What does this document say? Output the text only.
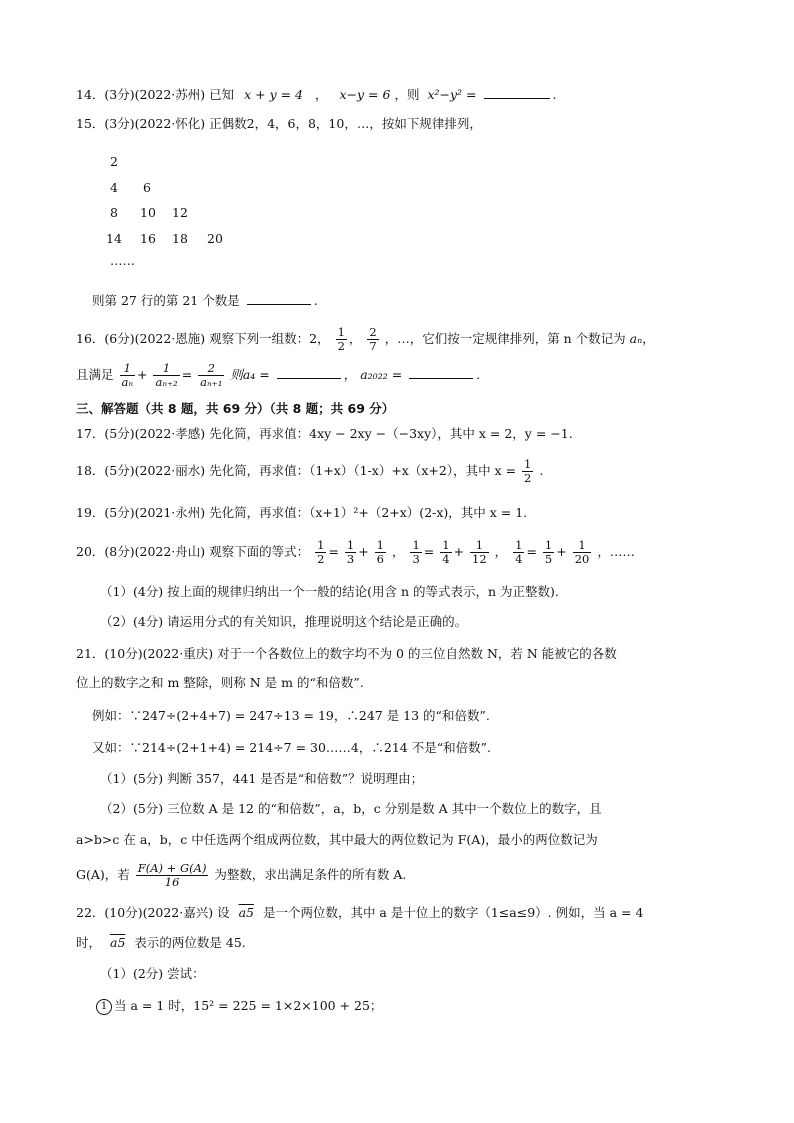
14．(3分)(2022·苏州) 已知 x + y = 4 ， x−y = 6 ，则 x²−y² =	.
15．(3分)(2022·怀化) 正偶数2，4，6，8，10，…，按如下规律排列，
2
4 6
8 10 12
14 16 18 20
……
则第 27 行的第 21 个数是	.
16．(6分)(2022·恩施) 观察下列一组数：2， $\frac{1}{2}$ ， $\frac{2}{7}$ ，…，它们按一定规律排列，第 n 个数记为 aₙ，
且满足 $\frac{1}{\text{aₙ}} + \frac{1}{\text{aₙ₊₂}} = \frac{2}{\text{aₙ₊₁}}$ 则a₄ =	， a₂₀₂₂ =	.
三、解答题（共 8 题，共 69 分）（共 8 题；共 69 分）
17．(5分)(2022·孝感) 先化简，再求值：4xy − 2xy −（−3xy），其中 x = 2，y = −1.
18．(5分)(2022·丽水) 先化简，再求值：（1+x）（1-x）+x（x+2），其中 $x = \frac{1}{2}$ .
19．(5分)(2021·永州) 先化简，再求值：（x+1）²+（2+x）(2-x)，其中 x = 1.
20．(8分)(2022·舟山) 观察下面的等式： $\frac{1}{2} = \frac{1}{3} + \frac{1}{6}$ ， $\frac{1}{3} = \frac{1}{4} + \frac{1}{12}$ ， $\frac{1}{4} = \frac{1}{5} + \frac{1}{20}$ ，……
（1）(4分) 按上面的规律归纳出一个一般的结论(用含 n 的等式表示，n 为正整数).
（2）(4分) 请运用分式的有关知识，推理说明这个结论是正确的。
21．(10分)(2022·重庆) 对于一个各数位上的数字均不为 0 的三位自然数 N，若 N 能被它的各数
位上的数字之和 m 整除，则称 N 是 m 的“和倍数”.
例如：∵247÷(2+4+7) = 247÷13 = 19，∴247 是 13 的“和倍数”.
又如：∵214÷(2+1+4) = 214÷7 = 30……4，∴214 不是“和倍数”.
（1）(5分) 判断 357，441 是否是“和倍数”？说明理由；
（2）(5分) 三位数 A 是 12 的“和倍数”，a，b，c 分别是数 A 其中一个数位上的数字，且
a>b>c 在 a，b，c 中任选两个组成两位数，其中最大的两位数记为 F(A)，最小的两位数记为
G(A)，若 $\frac{F(A) + G(A)}{16}$ 为整数，求出满足条件的所有数 A.
22．(10分)(2022·嘉兴) 设 a5 是一个两位数，其中 a 是十位上的数字（1≤a≤9）. 例如，当 a = 4
时， a5 表示的两位数是 45.
（1）(2分) 尝试：
1 当 a = 1 时，15² = 225 = 1×2×100 + 25；
